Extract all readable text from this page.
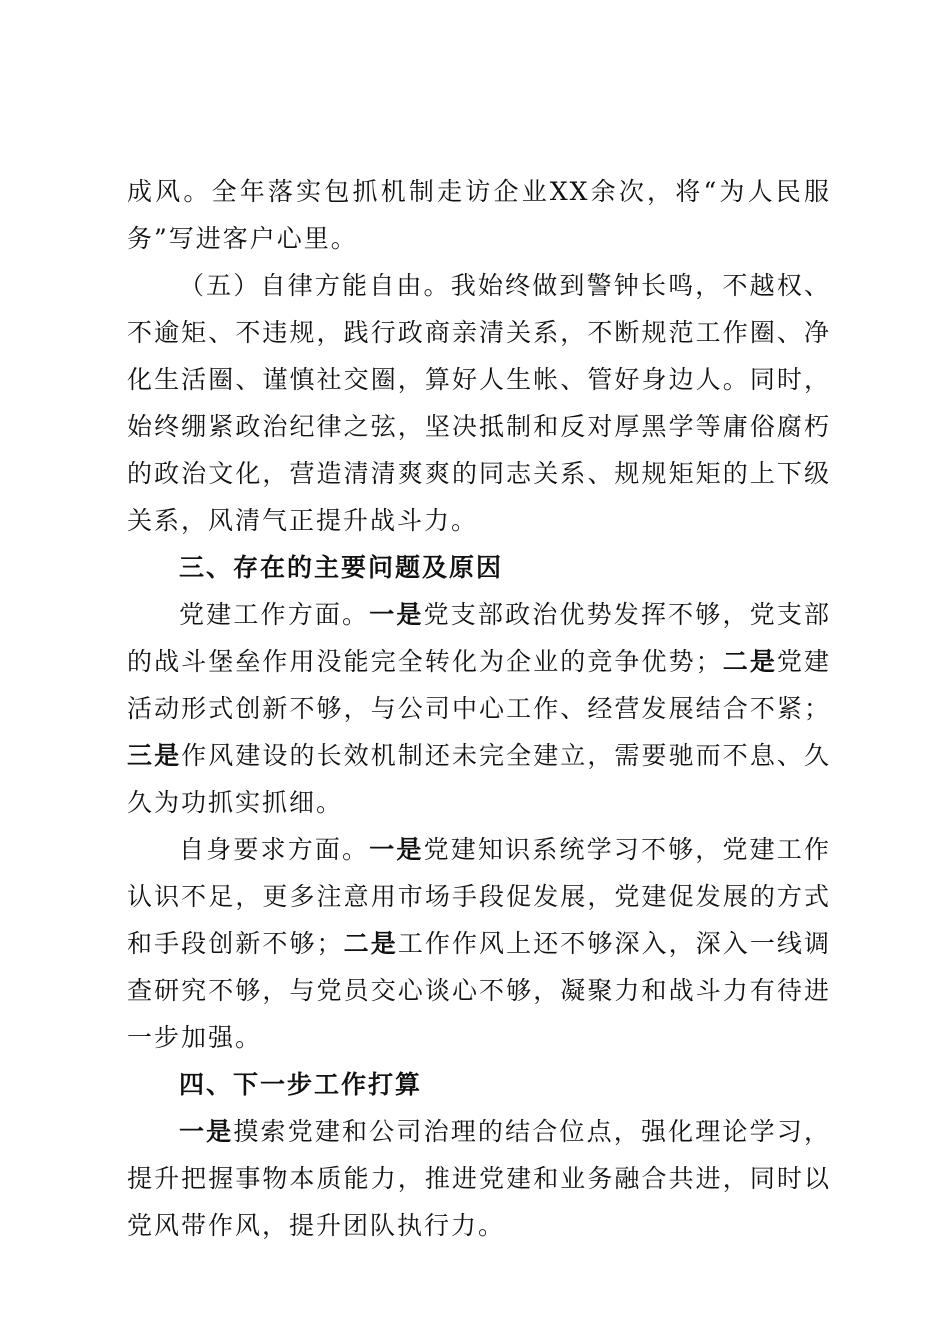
成风。全年落实包抓机制走访企业XX余次，将“为人民服务”写进客户心里。

（五）自律方能自由。我始终做到警钟长鸣，不越权、不逾矩、不违规，践行政商亲清关系，不断规范工作圈、净化生活圈、谨慎社交圈，算好人生帐、管好身边人。同时，始终绷紧政治纪律之弦，坚决抵制和反对厚黑学等庸俗腐朽的政治文化，营造清清爽爽的同志关系、规规矩矩的上下级关系，风清气正提升战斗力。

三、存在的主要问题及原因

党建工作方面。一是党支部政治优势发挥不够，党支部的战斗堡垒作用没能完全转化为企业的竞争优势；二是党建活动形式创新不够，与公司中心工作、经营发展结合不紧；三是作风建设的长效机制还未完全建立，需要驰而不息、久久为功抓实抓细。

自身要求方面。一是党建知识系统学习不够，党建工作认识不足，更多注意用市场手段促发展，党建促发展的方式和手段创新不够；二是工作作风上还不够深入，深入一线调查研究不够，与党员交心谈心不够，凝聚力和战斗力有待进一步加强。

四、下一步工作打算

一是摸索党建和公司治理的结合位点，强化理论学习，提升把握事物本质能力，推进党建和业务融合共进，同时以党风带作风，提升团队执行力。
